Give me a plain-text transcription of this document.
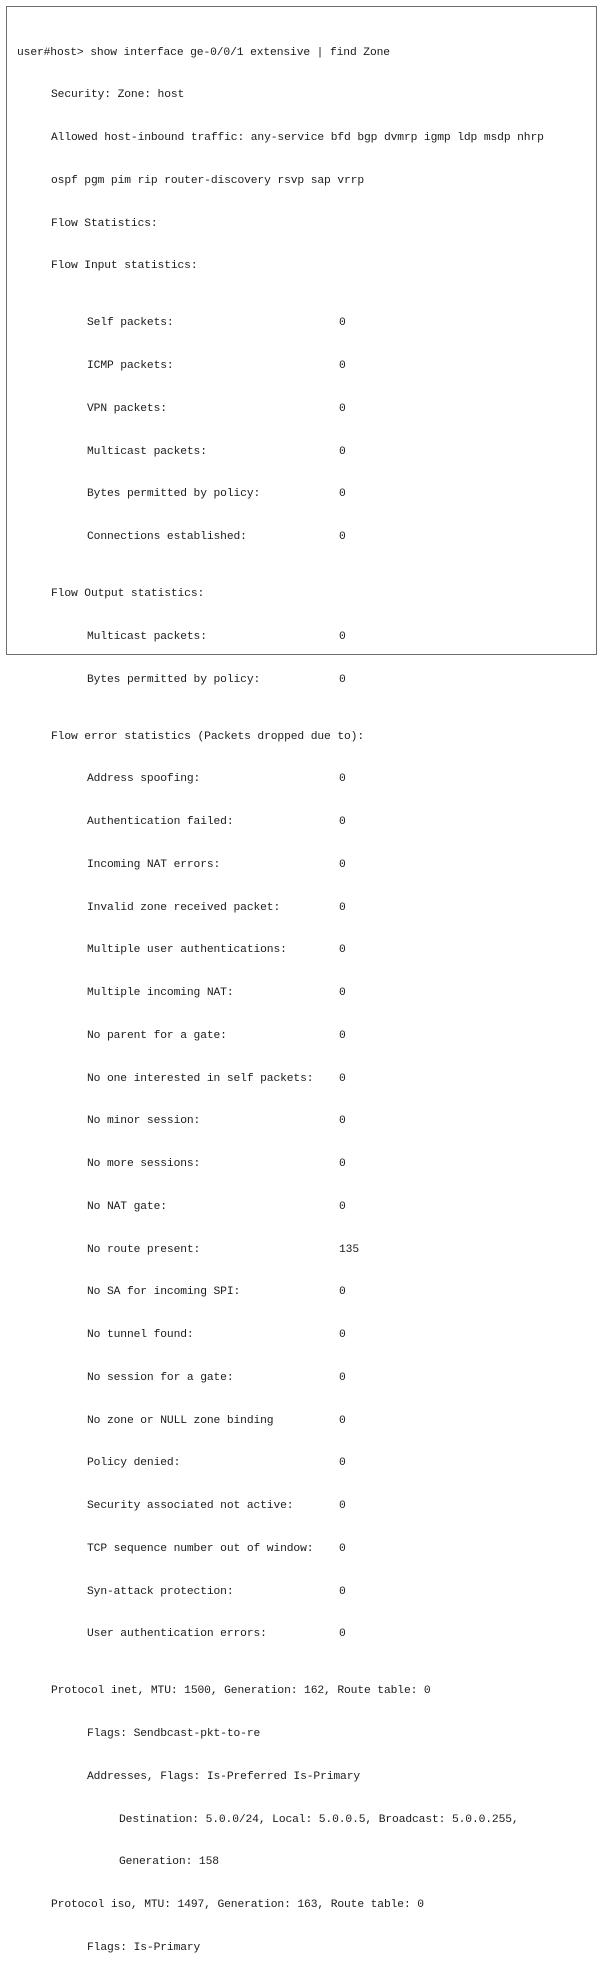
user#host> show interface ge-0/0/1 extensive | find Zone

Security: Zone: host

Allowed host-inbound traffic: any-service bfd bgp dvmrp igmp ldp msdp nhrp

ospf pgm pim rip router-discovery rsvp sap vrrp

Flow Statistics:

Flow Input statistics:

Self packets:	0

ICMP packets:	0

VPN packets:	0

Multicast packets:	0

Bytes permitted by policy:	0

Connections established:	0

Flow Output statistics:

Multicast packets:	0

Bytes permitted by policy:	0

Flow error statistics (Packets dropped due to):

Address spoofing:	0

Authentication failed:	0

Incoming NAT errors:	0

Invalid zone received packet:	0

Multiple user authentications:	0

Multiple incoming NAT:	0

No parent for a gate:	0

No one interested in self packets:	0

No minor session:	0

No more sessions:	0

No NAT gate:	0

No route present:	135

No SA for incoming SPI:	0

No tunnel found:	0

No session for a gate:	0

No zone or NULL zone binding	0

Policy denied:	0

Security associated not active:	0

TCP sequence number out of window:	0

Syn-attack protection:	0

User authentication errors:	0

Protocol inet, MTU: 1500, Generation: 162, Route table: 0

Flags: Sendbcast-pkt-to-re

Addresses, Flags: Is-Preferred Is-Primary

Destination: 5.0.0/24, Local: 5.0.0.5, Broadcast: 5.0.0.255,

Generation: 158

Protocol iso, MTU: 1497, Generation: 163, Route table: 0

Flags: Is-Primary
